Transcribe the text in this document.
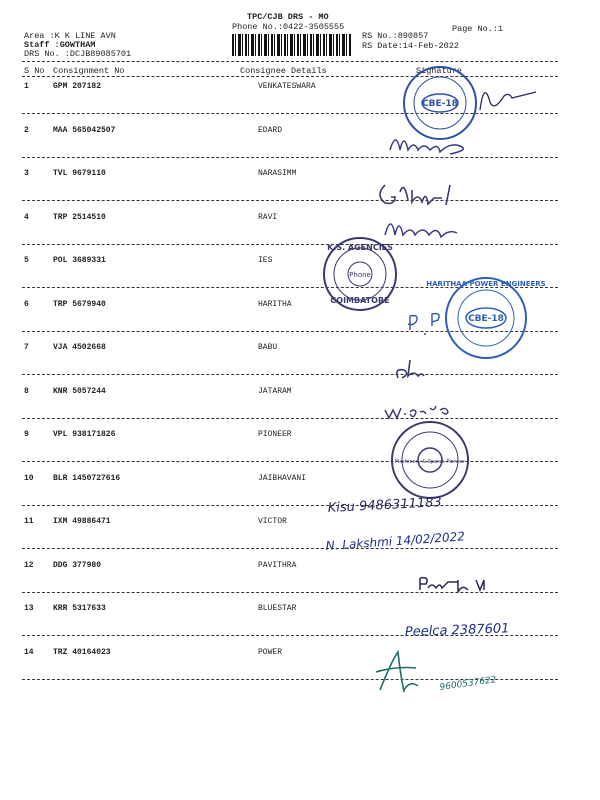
TPC/CJB DRS - MO
Phone No.:0422-3505555	Page No.:1
Area :K K LINE AVN
Staff :GOWTHAM
DRS No. :DCJB89085701
RS No.:890857
RS Date:14-Feb-2022
S No Consignment No	Consignee Details	Signature
1	GPM 207182	VENKATESWARA
2	MAA 565042507	EDARD
3	TVL 9679110	NARASIMM
4	TRP 2514510	RAVI
5	POL 3689331	IES
6	TRP 5679940	HARITHA
7	VJA 4502668	BABU
8	KNR 5057244	JATARAM
9	VPL 938171826	PIONEER
10 BLR 1450727616	JAIBHAVANI
11 IXM 49886471	VICTOR
12 DDG 377980	PAVITHRA
13 KRR 5317633	BLUESTAR
14 TRZ 40164023	POWER
CBE-18
K.S. AGENCIES
Phone
COIMBATORE
HARITHAA POWER ENGINEERS
CBE-18
Machinery & Spares Pioneer
Kisu 9486311183
N. Lakshmi 14/02/2022
Peelca 2387601
9600537622
